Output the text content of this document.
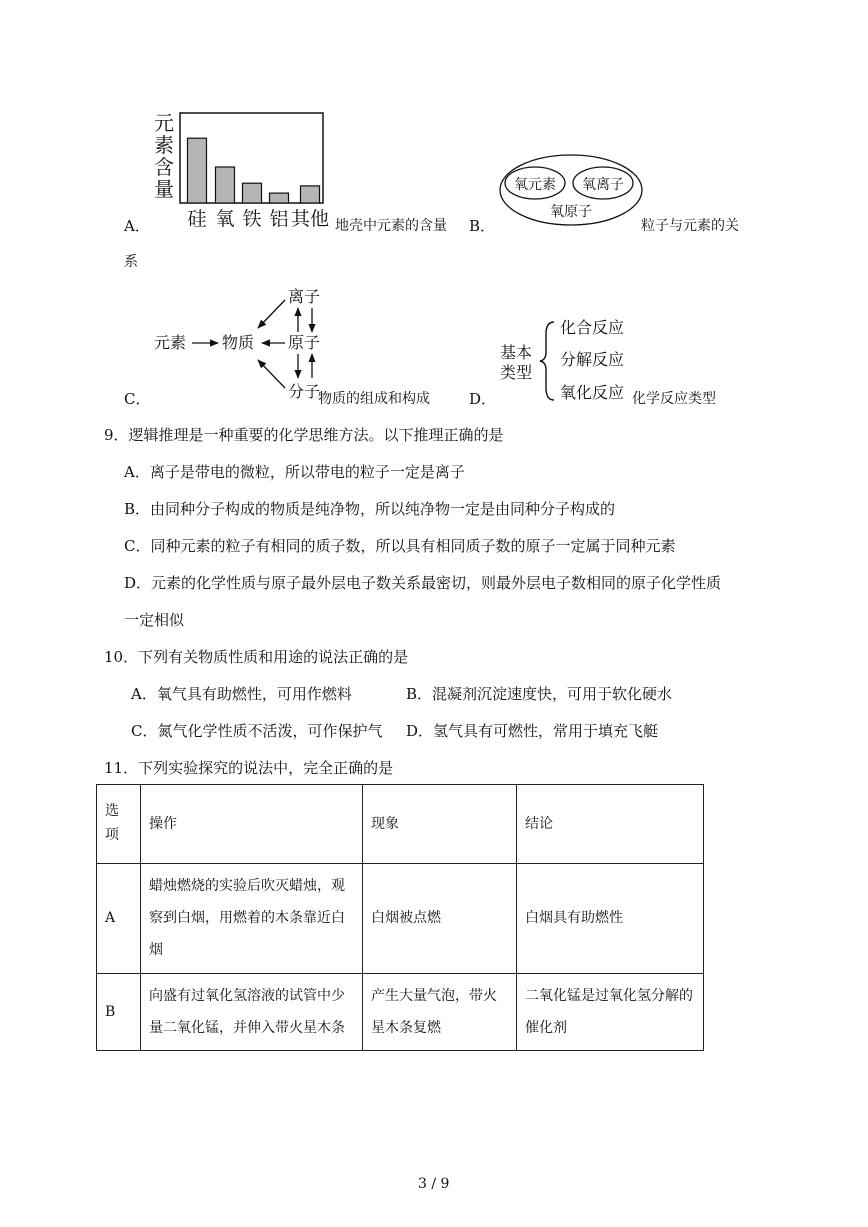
A．
元
素
含
量
硅 氧 铁 铝 其他 地壳中元素的含量 B．
氧元素 氧离子
氧原子
粒子与元素的关
系
C．
元素 物质
离子
原子
分子
物质的组成和构成	D．
基本
类型
化合反应
分解反应
氧化反应 化学反应类型
9．逻辑推理是一种重要的化学思维方法。以下推理正确的是
A．离子是带电的微粒，所以带电的粒子一定是离子
B．由同种分子构成的物质是纯净物，所以纯净物一定是由同种分子构成的
C．同种元素的粒子有相同的质子数，所以具有相同质子数的原子一定属于同种元素
D．元素的化学性质与原子最外层电子数关系最密切，则最外层电子数相同的原子化学性质
一定相似
10．下列有关物质性质和用途的说法正确的是
A．氧气具有助燃性，可用作燃料	B．混凝剂沉淀速度快，可用于软化硬水
C．氮气化学性质不活泼，可作保护气 D．氢气具有可燃性，常用于填充飞艇
11．下列实验探究的说法中，完全正确的是
选项	操作	现象	结论
A	蜡烛燃烧的实验后吹灭蜡烛，观察到白烟，用燃着的木条靠近白烟	白烟被点燃	白烟具有助燃性
B	向盛有过氧化氢溶液的试管中少量二氧化锰，并伸入带火星木条	产生大量气泡，带火星木条复燃	二氧化锰是过氧化氢分解的催化剂
3 / 9
